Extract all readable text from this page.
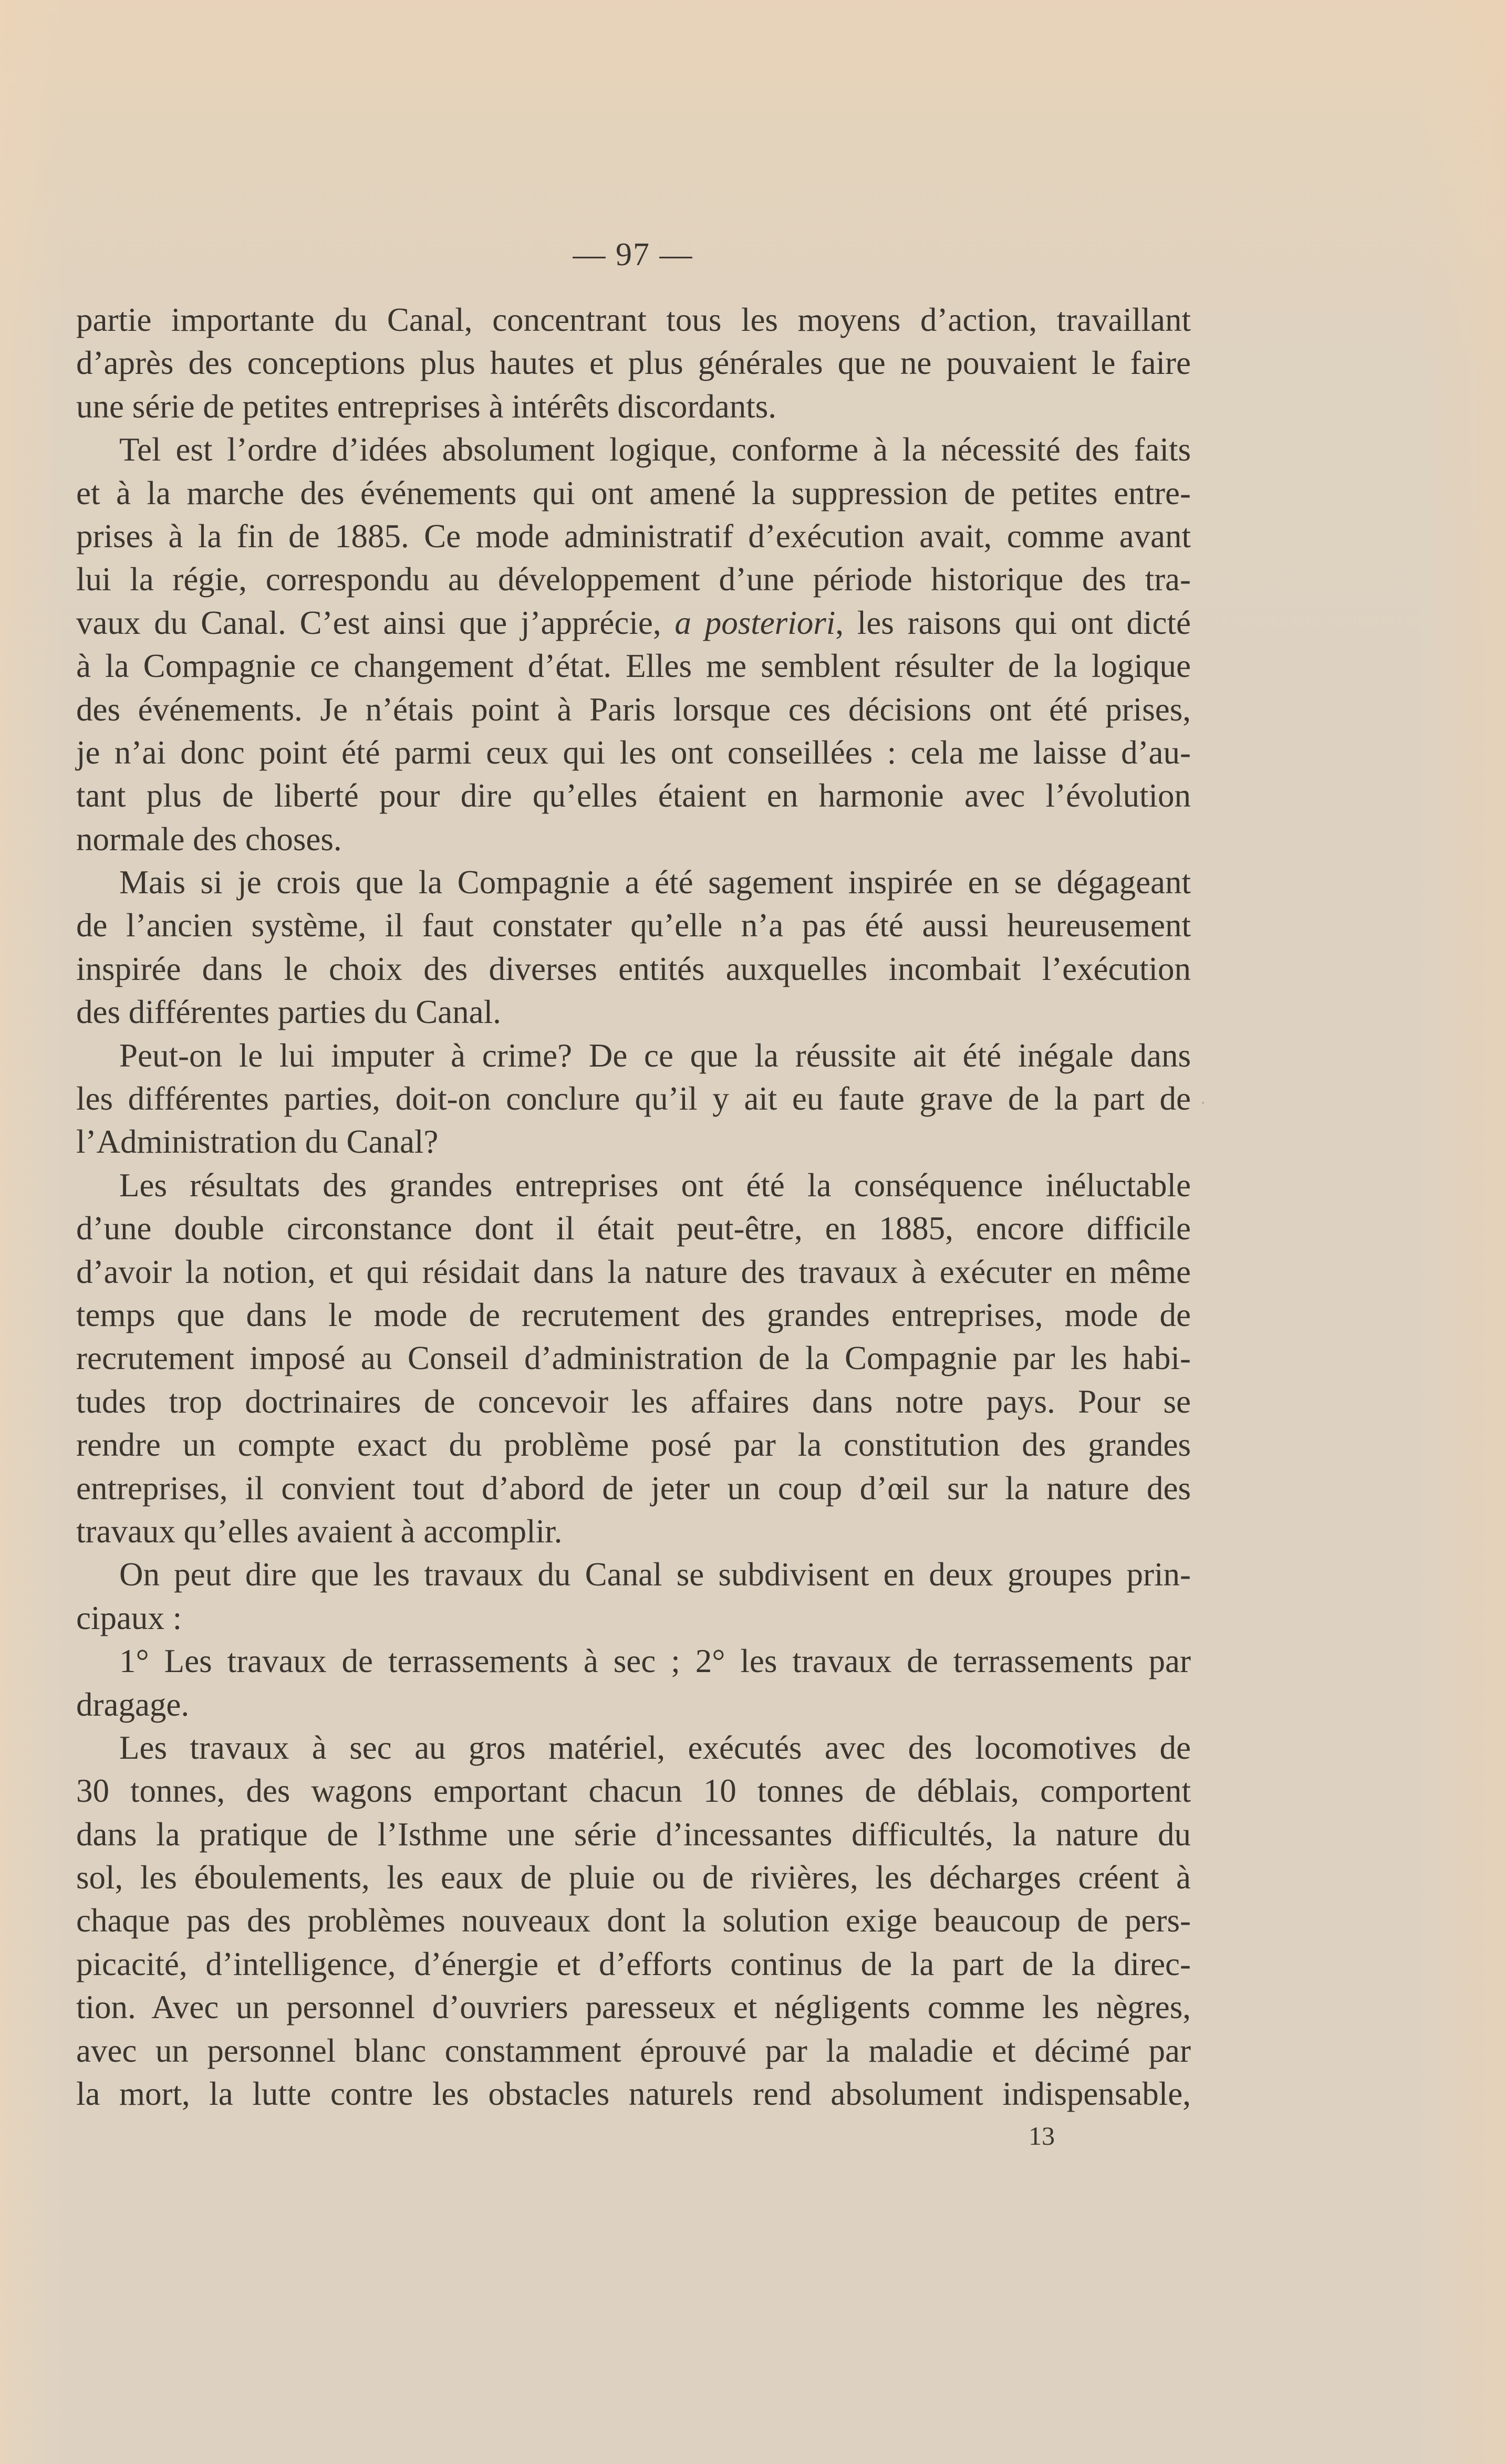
— 97 —
partie importante du Canal, concentrant tous les moyens d’action, travaillant
d’après des conceptions plus hautes et plus générales que ne pouvaient le faire
une série de petites entreprises à intérêts discordants.
Tel est l’ordre d’idées absolument logique, conforme à la nécessité des faits
et à la marche des événements qui ont amené la suppression de petites entre-
prises à la fin de 1885. Ce mode administratif d’exécution avait, comme avant
lui la régie, correspondu au développement d’une période historique des tra-
vaux du Canal. C’est ainsi que j’apprécie, a posteriori, les raisons qui ont dicté
à la Compagnie ce changement d’état. Elles me semblent résulter de la logique
des événements. Je n’étais point à Paris lorsque ces décisions ont été prises,
je n’ai donc point été parmi ceux qui les ont conseillées : cela me laisse d’au-
tant plus de liberté pour dire qu’elles étaient en harmonie avec l’évolution
normale des choses.
Mais si je crois que la Compagnie a été sagement inspirée en se dégageant
de l’ancien système, il faut constater qu’elle n’a pas été aussi heureusement
inspirée dans le choix des diverses entités auxquelles incombait l’exécution
des différentes parties du Canal.
Peut-on le lui imputer à crime? De ce que la réussite ait été inégale dans
les différentes parties, doit-on conclure qu’il y ait eu faute grave de la part de
l’Administration du Canal?
Les résultats des grandes entreprises ont été la conséquence inéluctable
d’une double circonstance dont il était peut-être, en 1885, encore difficile
d’avoir la notion, et qui résidait dans la nature des travaux à exécuter en même
temps que dans le mode de recrutement des grandes entreprises, mode de
recrutement imposé au Conseil d’administration de la Compagnie par les habi-
tudes trop doctrinaires de concevoir les affaires dans notre pays. Pour se
rendre un compte exact du problème posé par la constitution des grandes
entreprises, il convient tout d’abord de jeter un coup d’œil sur la nature des
travaux qu’elles avaient à accomplir.
On peut dire que les travaux du Canal se subdivisent en deux groupes prin-
cipaux :
1° Les travaux de terrassements à sec ; 2° les travaux de terrassements par
dragage.
Les travaux à sec au gros matériel, exécutés avec des locomotives de
30 tonnes, des wagons emportant chacun 10 tonnes de déblais, comportent
dans la pratique de l’Isthme une série d’incessantes difficultés, la nature du
sol, les éboulements, les eaux de pluie ou de rivières, les décharges créent à
chaque pas des problèmes nouveaux dont la solution exige beaucoup de pers-
picacité, d’intelligence, d’énergie et d’efforts continus de la part de la direc-
tion. Avec un personnel d’ouvriers paresseux et négligents comme les nègres,
avec un personnel blanc constamment éprouvé par la maladie et décimé par
la mort, la lutte contre les obstacles naturels rend absolument indispensable,
13
